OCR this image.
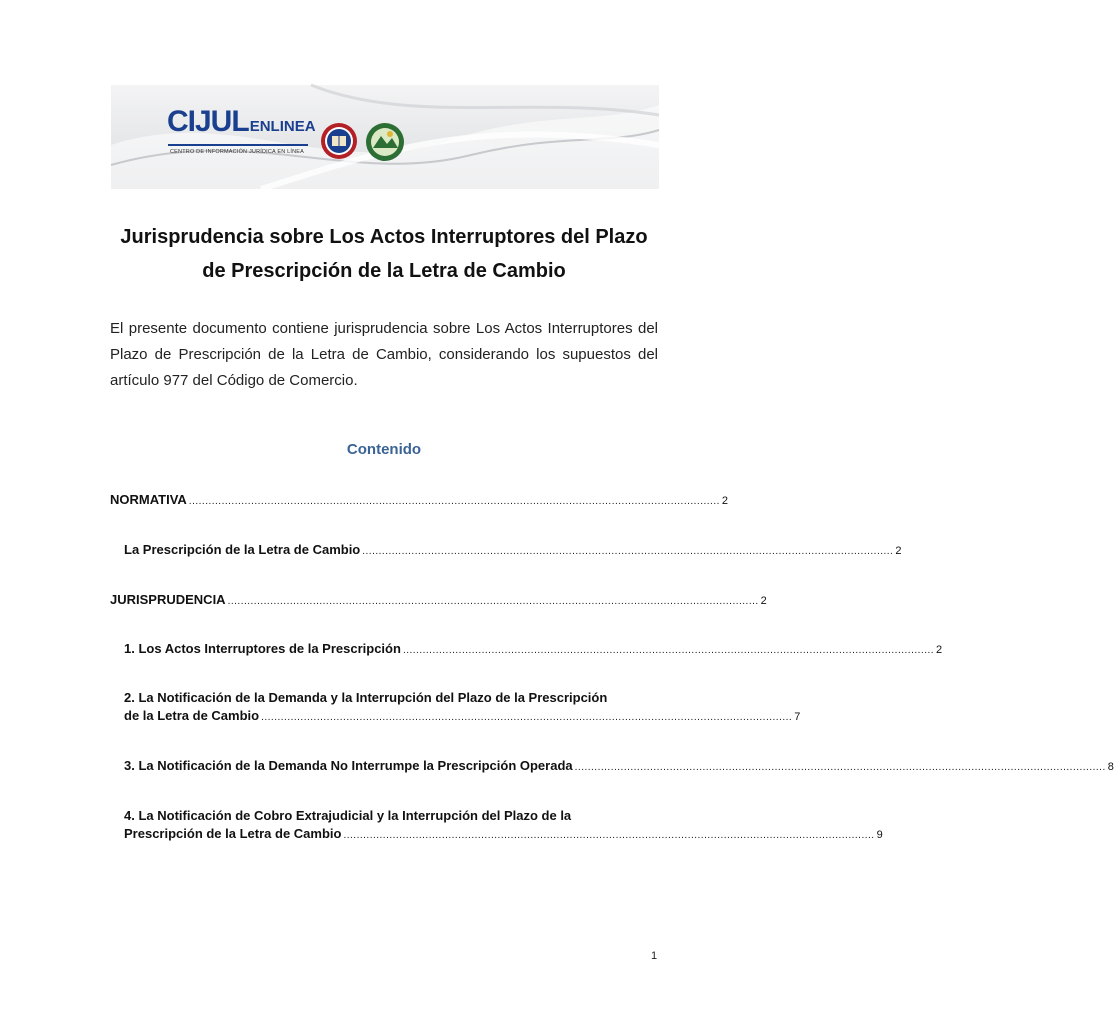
CIJULENLINEA
CENTRO DE INFORMACIÓN JURÍDICA EN LÍNEA
Jurisprudencia sobre Los Actos Interruptores del Plazo de Prescripción de la Letra de Cambio
El presente documento contiene jurisprudencia sobre Los Actos Interruptores del Plazo de Prescripción de la Letra de Cambio, considerando los supuestos del artículo 977 del Código de Comercio.
Contenido
NORMATIVA .................................................................................................................................................................. 2
La Prescripción de la Letra de Cambio .................................................................................................................................................................. 2
JURISPRUDENCIA .................................................................................................................................................................. 2
1. Los Actos Interruptores de la Prescripción .................................................................................................................................................................. 2
2. La Notificación de la Demanda y la Interrupción del Plazo de la Prescripción
de la Letra de Cambio .................................................................................................................................................................. 7
3. La Notificación de la Demanda No Interrumpe la Prescripción Operada .................................................................................................................................................................. 8
4. La Notificación de Cobro Extrajudicial y la Interrupción del Plazo de la
Prescripción de la Letra de Cambio .................................................................................................................................................................. 9
1
